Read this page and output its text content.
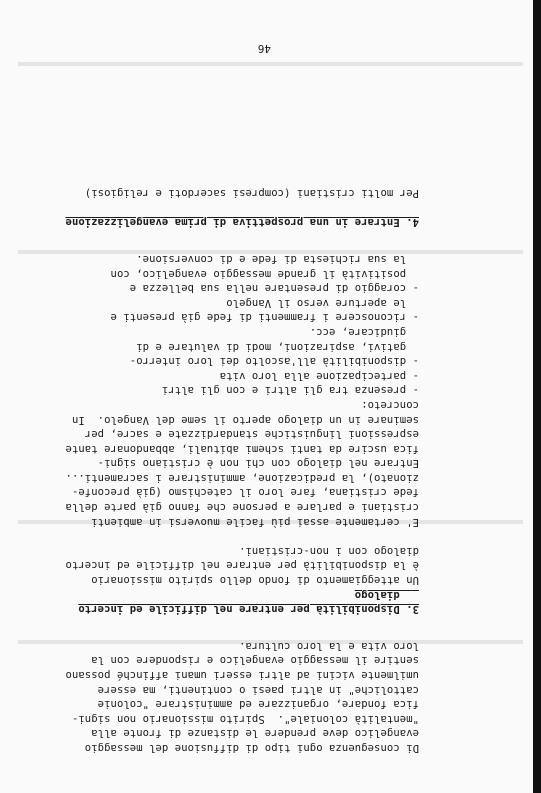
Di conseguenza ogni tipo di diffusione del messaggio
evangelico deve prendere le distanze di fronte alla
"mentalità coloniale".  Spirito missionario non signi-
fica fondare, organizzare ed amministrare "colonie
cattoliche" in altri paesi o continenti, ma essere
umilmente vicini ad altri esseri umani affinché possano
sentire il messaggio evangelico e rispondere con la
loro vita e la loro cultura.
3. Disponibilità per entrare nel difficile ed incerto
dialogo
Un atteggiamento di fondo dello spirito missionario
è la disponibilità per entrare nel difficile ed incerto
dialogo con i non-cristiani.
E' certamente assai più facile muoversi in ambienti
cristiani e parlare a persone che fanno già parte della
fede cristiana, fare loro il catechismo (già preconfe-
zionato), la predicazione, amministrare i sacramenti...
Entrare nel dialogo con chi non è cristiano signi-
fica uscire da tanti schemi abituali, abbandonare tante
espressioni linguistiche standardizzate e sacre, per
seminare in un dialogo aperto il seme del Vangelo.  In
concreto:
- presenza tra gli altri e con gli altri
- partecipazione alla loro vita
- disponibilità all'ascolto dei loro interro-
gativi, aspirazioni, modi di valutare e di
giudicare, ecc.
- riconoscere i frammenti di fede già presenti e
le aperture verso il Vangelo
- coraggio di presentare nella sua bellezza e
positività il grande messaggio evangelico, con
la sua richiesta di fede e di conversione.
4. Entrare in una prospettiva di prima evangelizzazione
Per molti cristiani (compresi sacerdoti e religiosi)
46
